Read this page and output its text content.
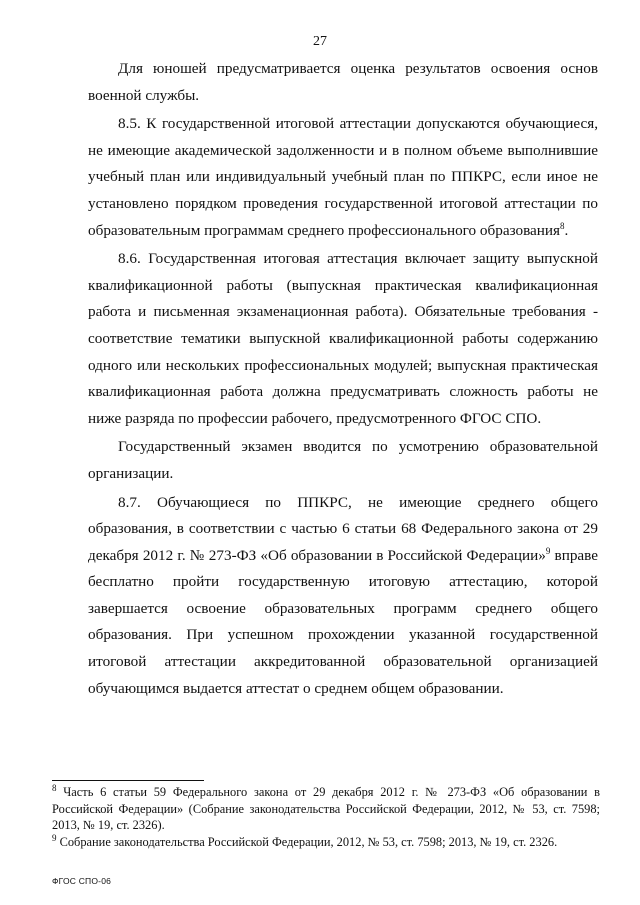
27

Для юношей предусматривается оценка результатов освоения основ военной службы.

8.5. К государственной итоговой аттестации допускаются обучающиеся, не имеющие академической задолженности и в полном объеме выполнившие учебный план или индивидуальный учебный план по ППКРС, если иное не установлено порядком проведения государственной итоговой аттестации по образовательным программам среднего профессионального образования$^8$.

8.6. Государственная итоговая аттестация включает защиту выпускной квалификационной работы (выпускная практическая квалификационная работа и письменная экзаменационная работа). Обязательные требования - соответствие тематики выпускной квалификационной работы содержанию одного или нескольких профессиональных модулей; выпускная практическая квалификационная работа должна предусматривать сложность работы не ниже разряда по профессии рабочего, предусмотренного ФГОС СПО.

Государственный экзамен вводится по усмотрению образовательной организации.

8.7. Обучающиеся по ППКРС, не имеющие среднего общего образования, в соответствии с частью 6 статьи 68 Федерального закона от 29 декабря 2012 г. № 273-ФЗ «Об образовании в Российской Федерации»$^9$ вправе бесплатно пройти государственную итоговую аттестацию, которой завершается освоение образовательных программ среднего общего образования. При успешном прохождении указанной государственной итоговой аттестации аккредитованной образовательной организацией обучающимся выдается аттестат о среднем общем образовании.

$^8$ Часть 6 статьи 59 Федерального закона от 29 декабря 2012 г. № 273-ФЗ «Об образовании в Российской Федерации» (Собрание законодательства Российской Федерации, 2012, № 53, ст. 7598; 2013, № 19, ст. 2326).

$^9$ Собрание законодательства Российской Федерации, 2012, № 53, ст. 7598; 2013, № 19, ст. 2326.

ФГОС СПО-06
